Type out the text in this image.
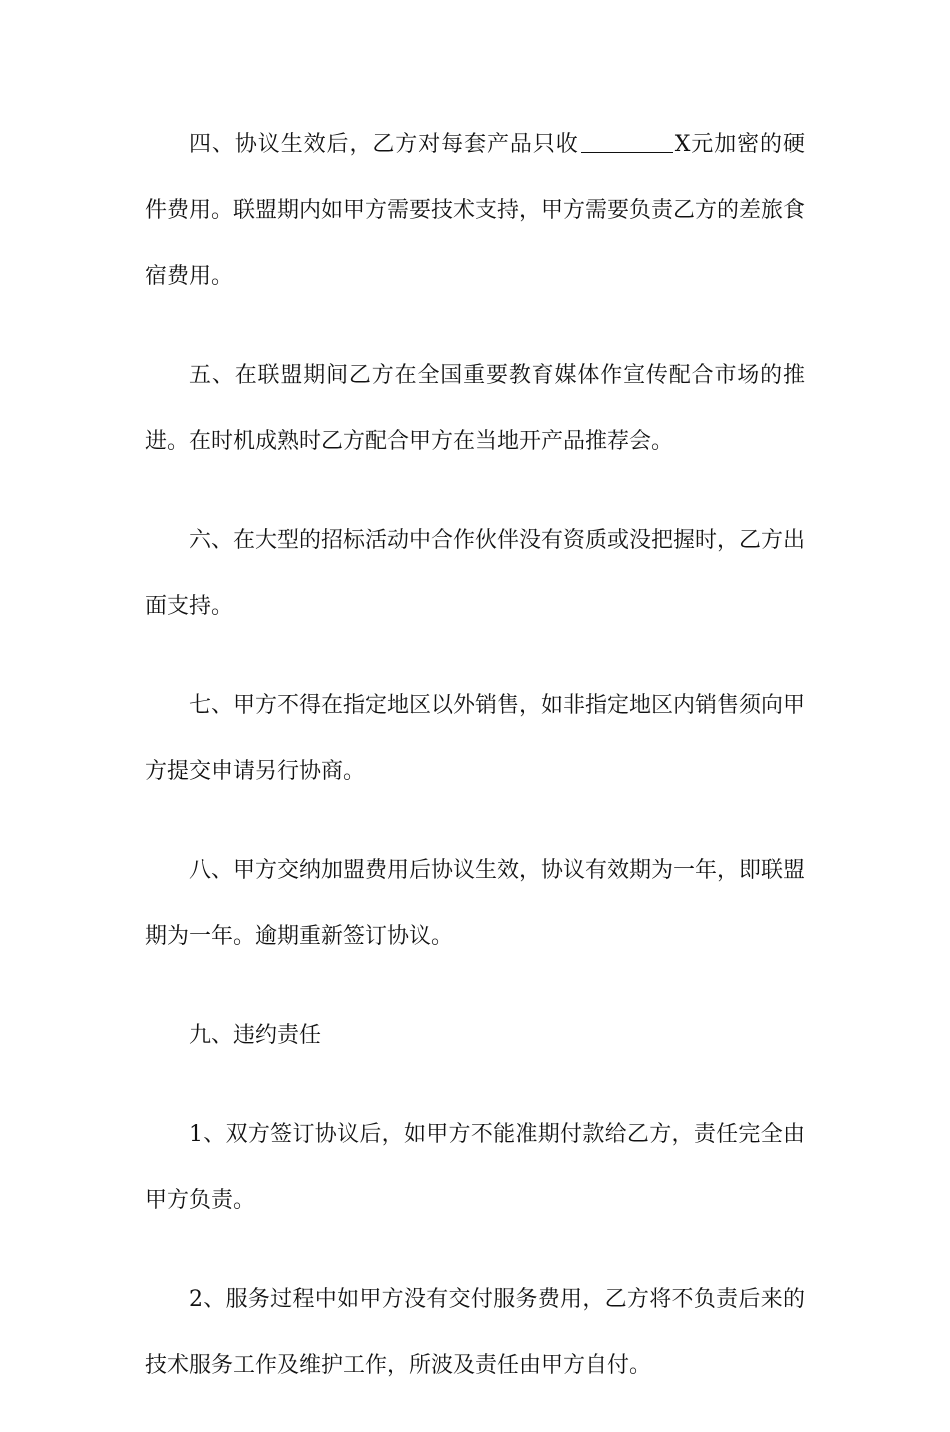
四、协议生效后，乙方对每套产品只收	X元加密的硬件费用。联盟期内如甲方需要技术支持，甲方需要负责乙方的差旅食宿费用。

五、在联盟期间乙方在全国重要教育媒体作宣传配合市场的推进。在时机成熟时乙方配合甲方在当地开产品推荐会。

六、在大型的招标活动中合作伙伴没有资质或没把握时，乙方出面支持。

七、甲方不得在指定地区以外销售，如非指定地区内销售须向甲方提交申请另行协商。

八、甲方交纳加盟费用后协议生效，协议有效期为一年，即联盟期为一年。逾期重新签订协议。

九、违约责任

1、双方签订协议后，如甲方不能准期付款给乙方，责任完全由甲方负责。

2、服务过程中如甲方没有交付服务费用，乙方将不负责后来的技术服务工作及维护工作，所波及责任由甲方自付。
